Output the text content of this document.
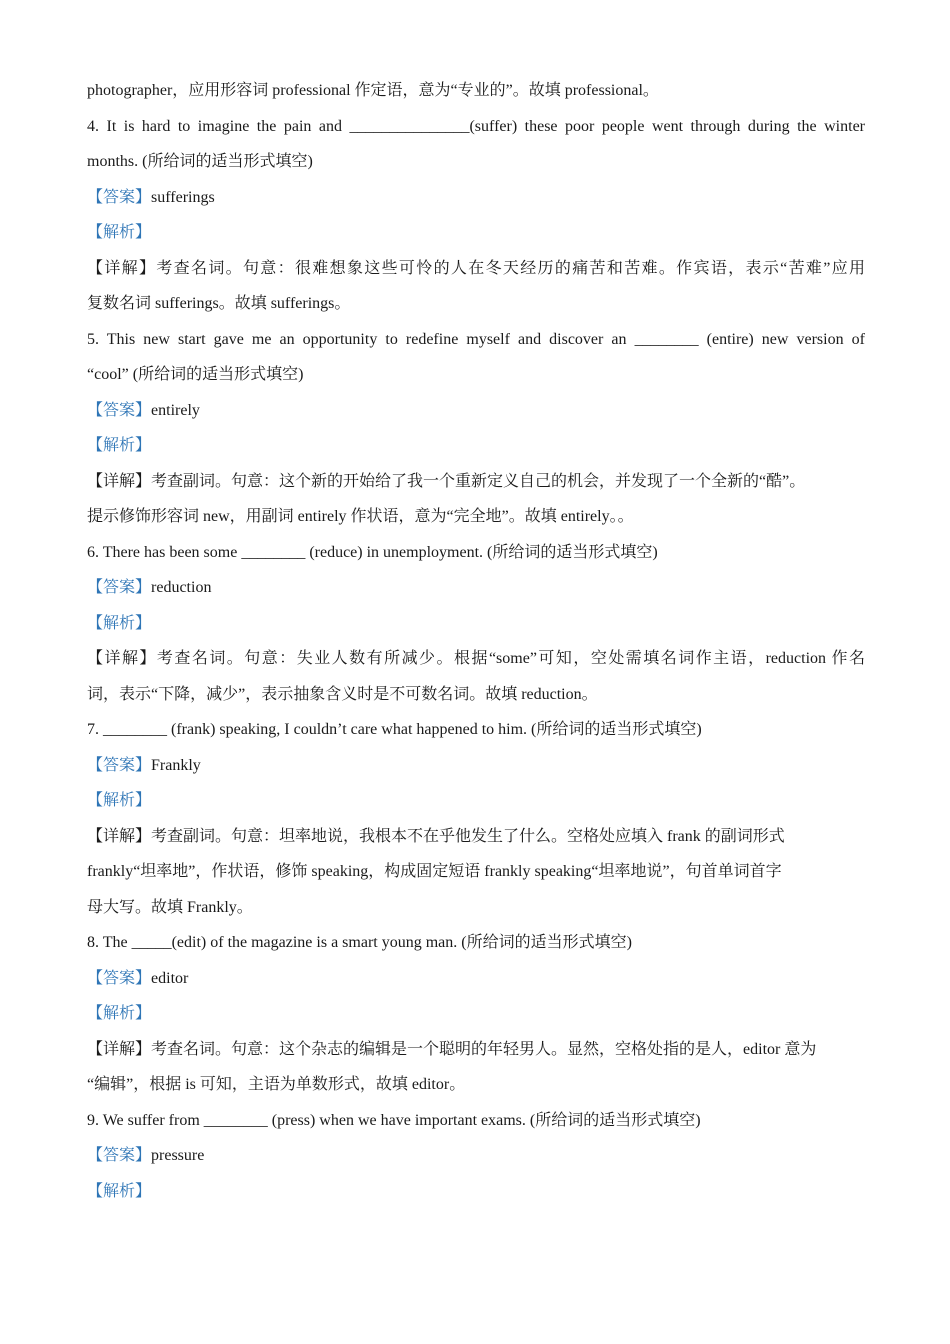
photographer，应用形容词 professional 作定语，意为“专业的”。故填 professional。
4. It is hard to imagine the pain and _______________(suffer) these poor people went through during the winter
months. (所给词的适当形式填空)
【答案】sufferings
【解析】
【详解】考查名词。句意：很难想象这些可怜的人在冬天经历的痛苦和苦难。作宾语，表示“苦难”应用
复数名词 sufferings。故填 sufferings。
5. This new start gave me an opportunity to redefine myself and discover an ________ (entire) new version of
“cool” (所给词的适当形式填空)
【答案】entirely
【解析】
【详解】考查副词。句意：这个新的开始给了我一个重新定义自己的机会，并发现了一个全新的“酷”。
提示修饰形容词 new，用副词 entirely 作状语，意为“完全地”。故填 entirely。。
6. There has been some ________ (reduce) in unemployment. (所给词的适当形式填空)
【答案】reduction
【解析】
【详解】考查名词。句意：失业人数有所减少。根据“some”可知，空处需填名词作主语，reduction 作名
词，表示“下降，减少”，表示抽象含义时是不可数名词。故填 reduction。
7. ________ (frank) speaking, I couldn’t care what happened to him. (所给词的适当形式填空)
【答案】Frankly
【解析】
【详解】考查副词。句意：坦率地说，我根本不在乎他发生了什么。空格处应填入 frank 的副词形式
frankly“坦率地”，作状语，修饰 speaking，构成固定短语 frankly speaking“坦率地说”，句首单词首字
母大写。故填 Frankly。
8. The _____(edit) of the magazine is a smart young man. (所给词的适当形式填空)
【答案】editor
【解析】
【详解】考查名词。句意：这个杂志的编辑是一个聪明的年轻男人。显然，空格处指的是人，editor 意为
“编辑”，根据 is 可知，主语为单数形式，故填 editor。
9. We suffer from ________ (press) when we have important exams. (所给词的适当形式填空)
【答案】pressure
【解析】
